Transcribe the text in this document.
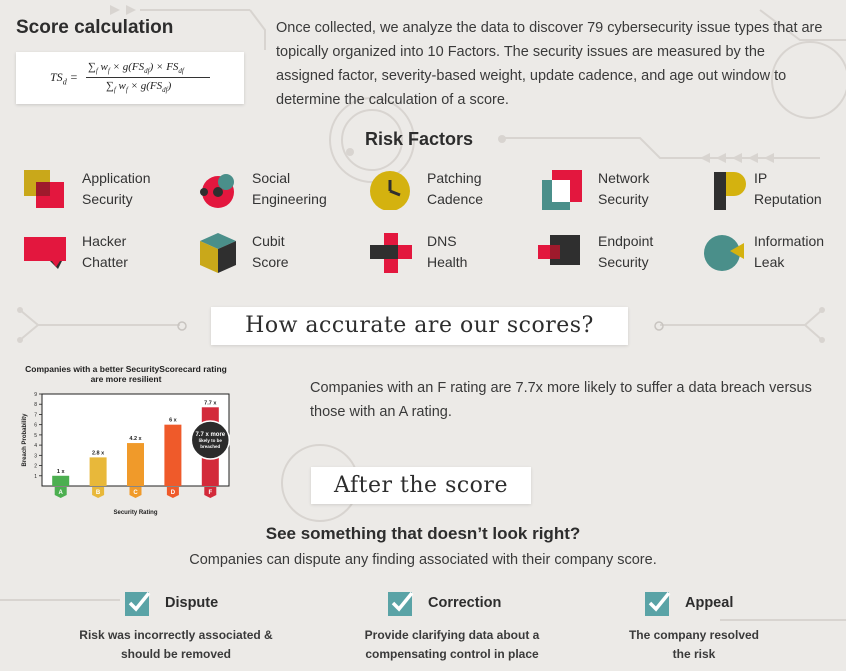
Score calculation
$TS_d$ =
$\sum_f$ $w_f \times g(FS_{df}) \times FS_{df}$
$\sum_f$ $w_f \times g(FS_{df})$
Once collected, we analyze the data to discover 79 cybersecurity issue types that are topically organized into 10 Factors. The security issues are measured by the assigned factor, severity-based weight, update cadence, and age out window to determine the calculation of a score.
Risk Factors
Application
Security
Social
Engineering
Patching
Cadence
Network
Security
IP
Reputation
Hacker
Chatter
Cubit
Score
DNS
Health
Endpoint
Security
Information
Leak
How accurate are our scores?
Companies with a better SecurityScorecard rating are more resilient
1
2
3
4
5
6
7
8
9
1 x
A
2.8 x
B
4.2 x
C
6 x
D
7.7 x
F
7.7 x more
likely to be
breached
Security Rating
Breach Probability
Companies with an F rating are 7.7x more likely to suffer a data breach versus those with an A rating.
After the score
See something that doesn’t look right?
Companies can dispute any finding associated with their company score.
Dispute
Risk was incorrectly associated &
should be removed
Correction
Provide clarifying data about a
compensating control in place
Appeal
The company resolved
the risk
